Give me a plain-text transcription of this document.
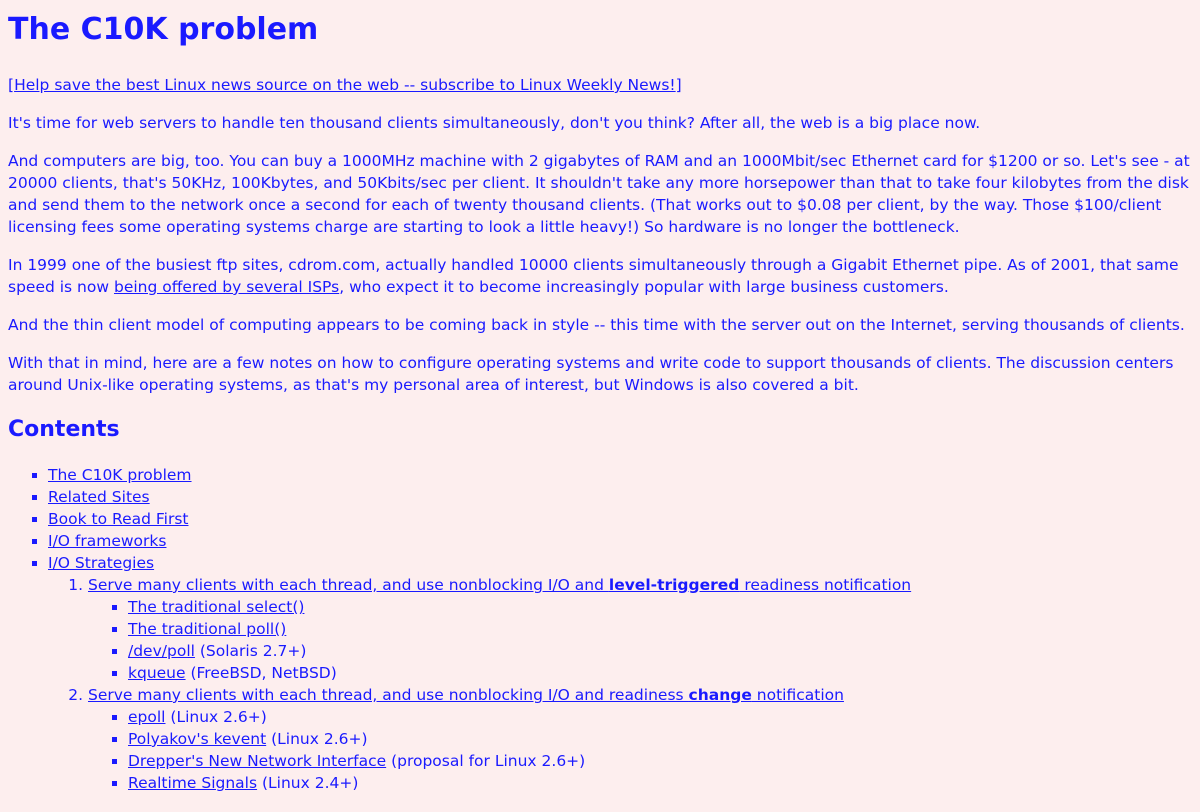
The C10K problem

[Help save the best Linux news source on the web -- subscribe to Linux Weekly News!]

It's time for web servers to handle ten thousand clients simultaneously, don't you think? After all, the web is a big place now.

And computers are big, too. You can buy a 1000MHz machine with 2 gigabytes of RAM and an 1000Mbit/sec Ethernet card for $1200 or so. Let's see - at 20000 clients, that's 50KHz, 100Kbytes, and 50Kbits/sec per client. It shouldn't take any more horsepower than that to take four kilobytes from the disk and send them to the network once a second for each of twenty thousand clients. (That works out to $0.08 per client, by the way. Those $100/client licensing fees some operating systems charge are starting to look a little heavy!) So hardware is no longer the bottleneck.

In 1999 one of the busiest ftp sites, cdrom.com, actually handled 10000 clients simultaneously through a Gigabit Ethernet pipe. As of 2001, that same speed is now being offered by several ISPs, who expect it to become increasingly popular with large business customers.

And the thin client model of computing appears to be coming back in style -- this time with the server out on the Internet, serving thousands of clients.

With that in mind, here are a few notes on how to configure operating systems and write code to support thousands of clients. The discussion centers around Unix-like operating systems, as that's my personal area of interest, but Windows is also covered a bit.

Contents
▪ The C10K problem
▪ Related Sites
▪ Book to Read First
▪ I/O frameworks
▪ I/O Strategies
1. Serve many clients with each thread, and use nonblocking I/O and level-triggered readiness notification
▪ The traditional select()
▪ The traditional poll()
▪ /dev/poll (Solaris 2.7+)
▪ kqueue (FreeBSD, NetBSD)
2. Serve many clients with each thread, and use nonblocking I/O and readiness change notification
▪ epoll (Linux 2.6+)
▪ Polyakov's kevent (Linux 2.6+)
▪ Drepper's New Network Interface (proposal for Linux 2.6+)
▪ Realtime Signals (Linux 2.4+)
